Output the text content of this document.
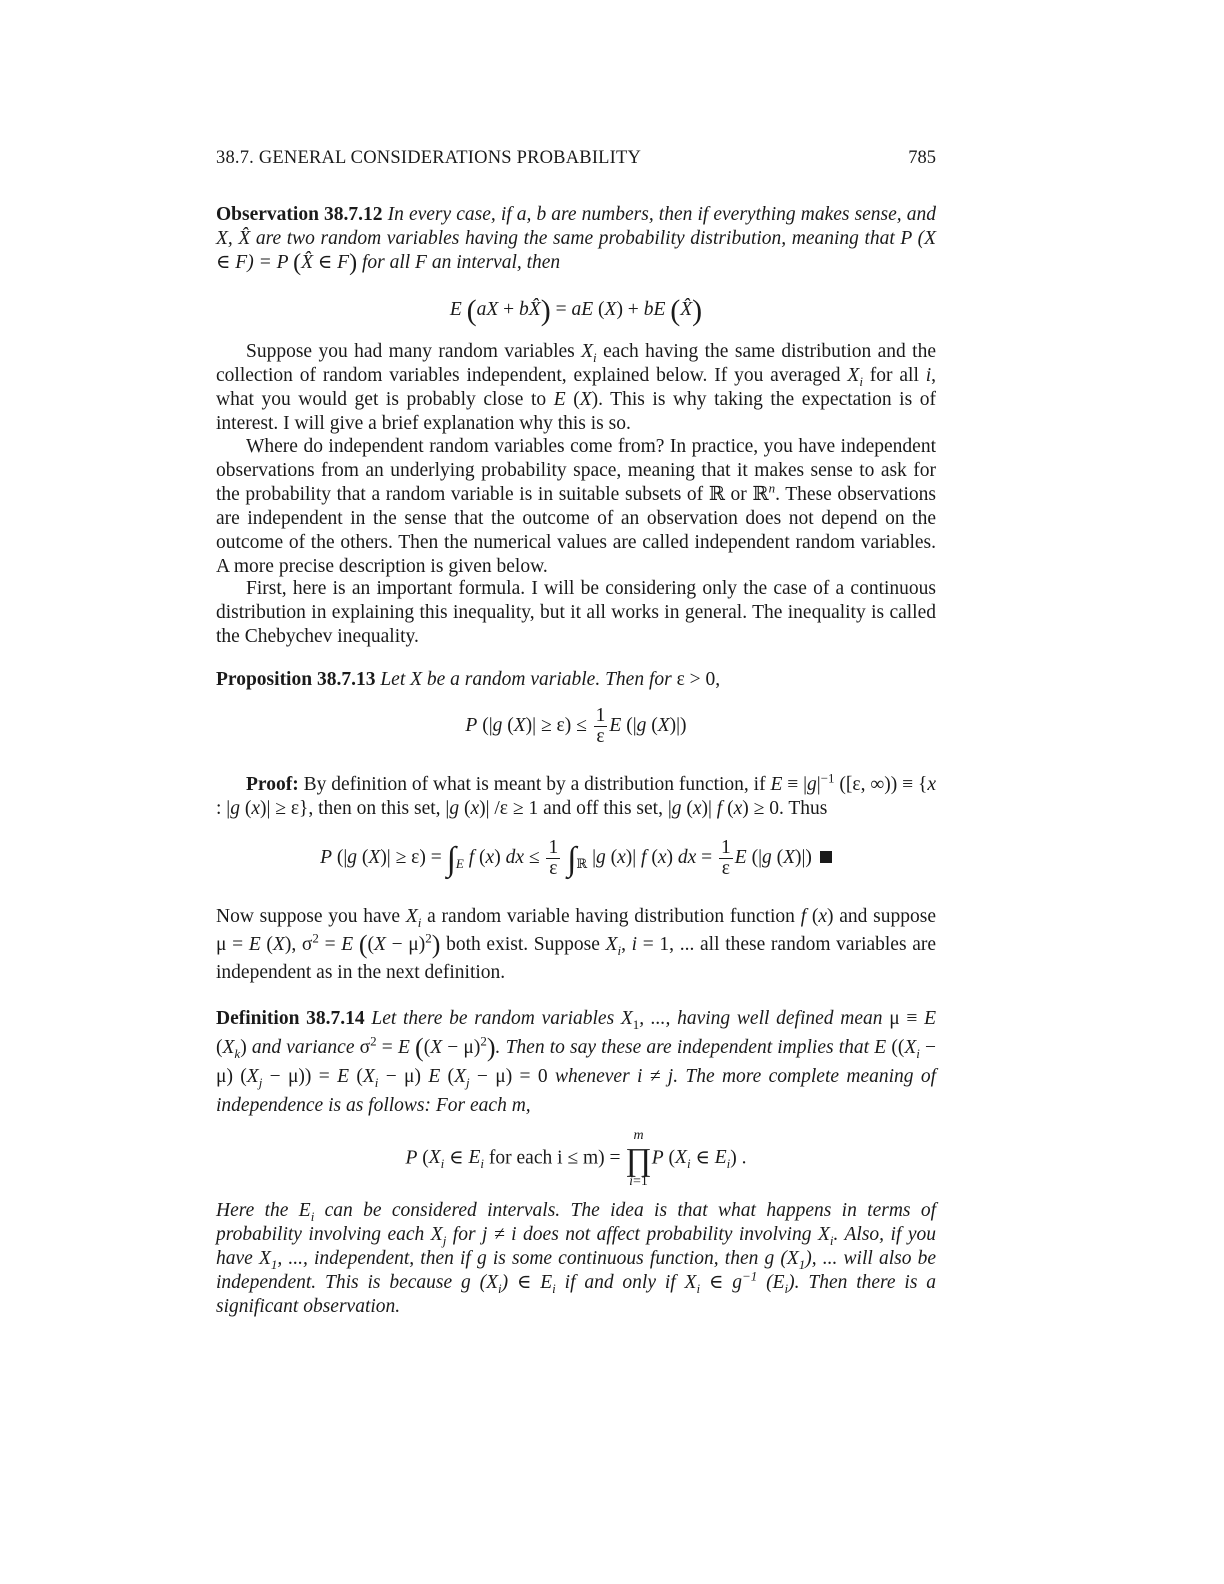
38.7. GENERAL CONSIDERATIONS PROBABILITY	785
Observation 38.7.12 In every case, if a, b are numbers, then if everything makes sense, and X, X̂ are two random variables having the same probability distribution, meaning that P (X ∈ F) = P (X̂ ∈ F) for all F an interval, then
E (aX + bX̂) = aE (X) + bE (X̂)
Suppose you had many random variables $X_i$ each having the same distribution and the collection of random variables independent, explained below. If you averaged $X_i$ for all i, what you would get is probably close to E (X). This is why taking the expectation is of interest. I will give a brief explanation why this is so.
Where do independent random variables come from? In practice, you have independent observations from an underlying probability space, meaning that it makes sense to ask for the probability that a random variable is in suitable subsets of ℝ or ℝ$^n$. These observations are independent in the sense that the outcome of an observation does not depend on the outcome of the others. Then the numerical values are called independent random variables. A more precise description is given below.
First, here is an important formula. I will be considering only the case of a continuous distribution in explaining this inequality, but it all works in general. The inequality is called the Chebychev inequality.
Proposition 38.7.13 Let X be a random variable. Then for ε > 0,
P (|g $(X)| \ge \varepsilon) \le \frac{1}{\varepsilon}$ E (|g (X)|)
Proof: By definition of what is meant by a distribution function, if $E \equiv |g|^{-1}$ ([ε, ∞)) ≡ {x : |g (x)| ≥ ε}, then on this set, |g (x)| /ε ≥ 1 and off this set, |g (x)| f (x) ≥ 0. Thus
P (|g $(X)| \ge \varepsilon) = \int_E$ f (x) dx ≤ $\frac{1}{\varepsilon} \int_ℝ$ |g (x)| f (x) dx = $\frac{1}{\varepsilon}$ E (|g (X)|)
Now suppose you have $X_i$ a random variable having distribution function f (x) and suppose μ = E (X), $\sigma^2 = E$ $((X - \mu)^2)$ both exist. Suppose $X_i$, i = 1, ... all these random variables are independent as in the next definition.
Definition 38.7.14 Let there be random variables $X_1$, ..., having well defined mean μ ≡ E $(X_k)$ and variance $\sigma^2 = E$ $((X - \mu)^2)$. Then to say these are independent implies that E $((X_i - \mu) (X_j - \mu)) = E$ $(X_i - \mu)$ E $(X_j - \mu) = 0$ whenever i ≠ j. The more complete meaning of independence is as follows: For each m,
P ($X_i$ ∈ $E_i$ for each i ≤ m) =
m
∏
i=1
P ($X_i$ ∈ $E_i$) .
Here the $E_i$ can be considered intervals. The idea is that what happens in terms of probability involving each $X_j$ for j ≠ i does not affect probability involving $X_i$. Also, if you have $X_1$, ..., independent, then if g is some continuous function, then g $(X_1)$, ... will also be independent. This is because g $(X_i)$ ∈ $E_i$ if and only if $X_i$ ∈ $g^{-1}$ $(E_i)$. Then there is a significant observation.
